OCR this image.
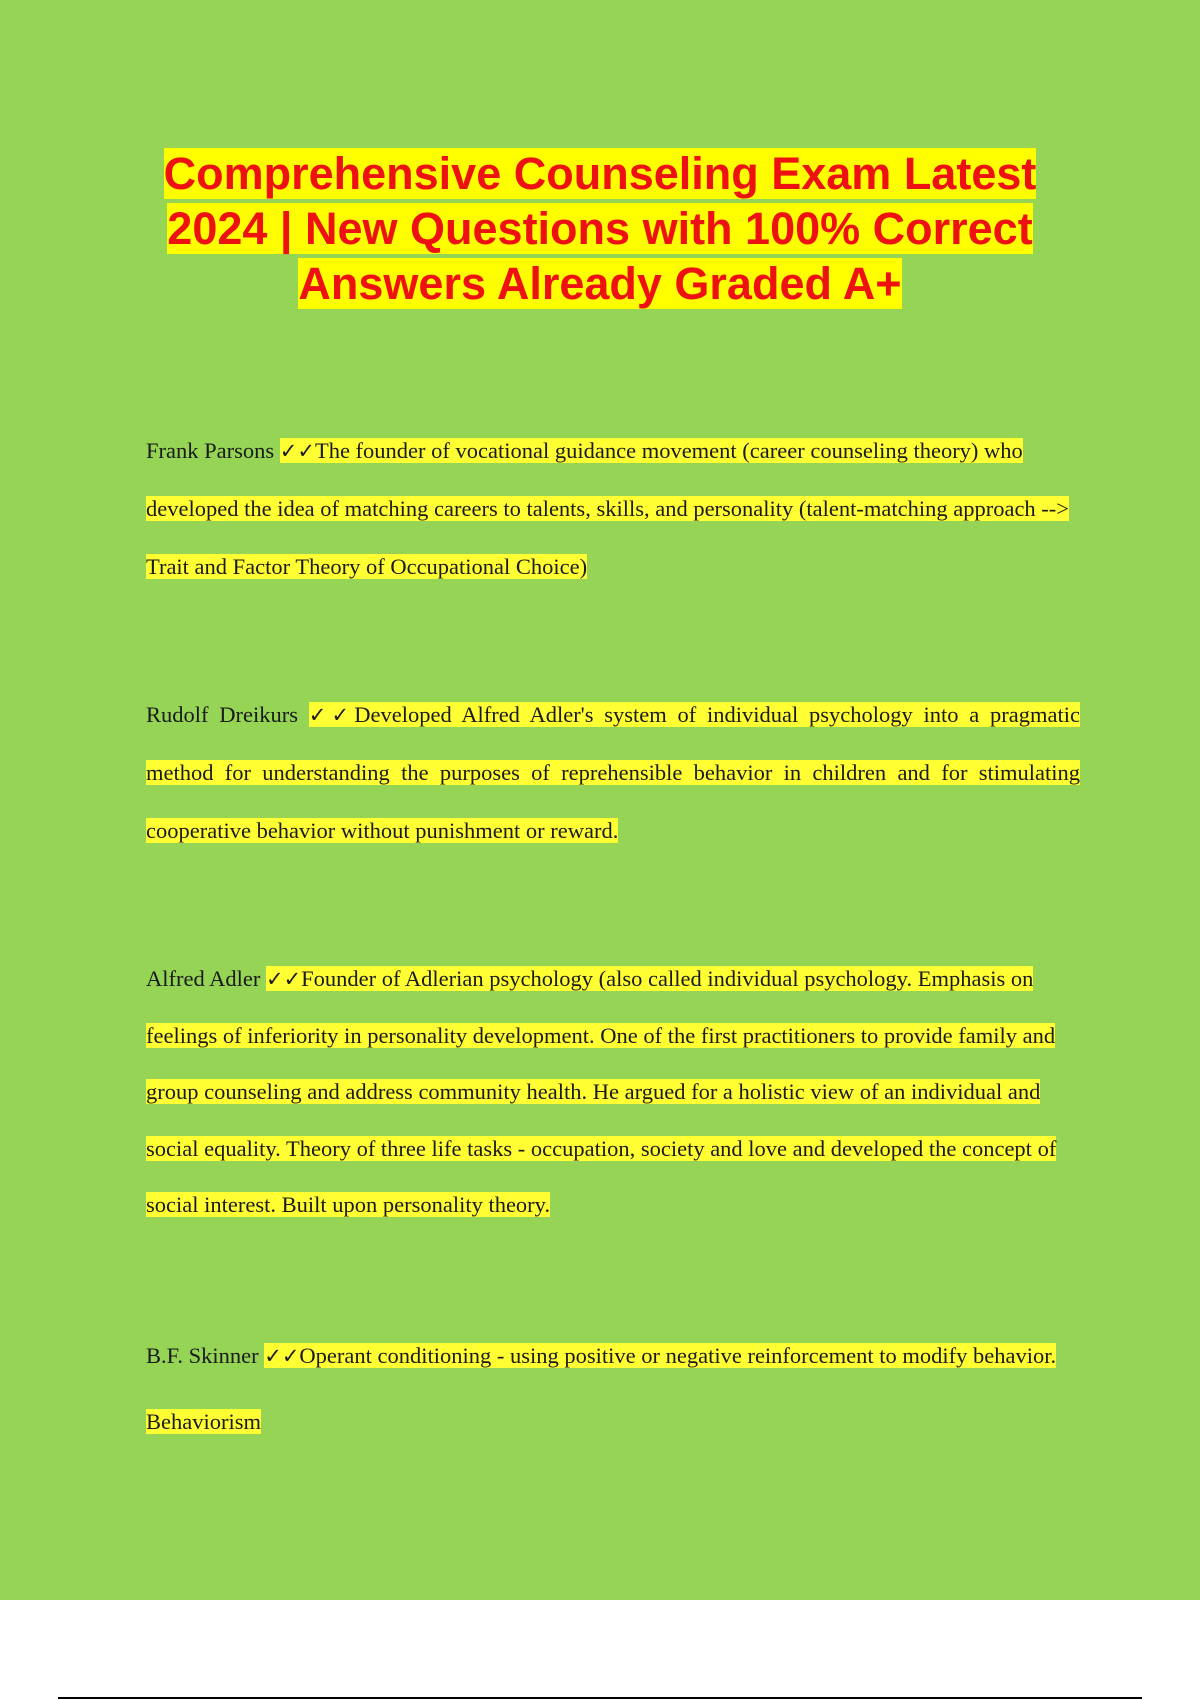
Comprehensive Counseling Exam Latest 2024 | New Questions with 100% Correct Answers Already Graded A+

Frank Parsons ✓✓The founder of vocational guidance movement (career counseling theory) who developed the idea of matching careers to talents, skills, and personality (talent-matching approach --> Trait and Factor Theory of Occupational Choice)

Rudolf Dreikurs ✓✓Developed Alfred Adler's system of individual psychology into a pragmatic method for understanding the purposes of reprehensible behavior in children and for stimulating cooperative behavior without punishment or reward.

Alfred Adler ✓✓Founder of Adlerian psychology (also called individual psychology. Emphasis on feelings of inferiority in personality development. One of the first practitioners to provide family and group counseling and address community health. He argued for a holistic view of an individual and social equality. Theory of three life tasks - occupation, society and love and developed the concept of social interest. Built upon personality theory.

B.F. Skinner ✓✓Operant conditioning - using positive or negative reinforcement to modify behavior. Behaviorism
